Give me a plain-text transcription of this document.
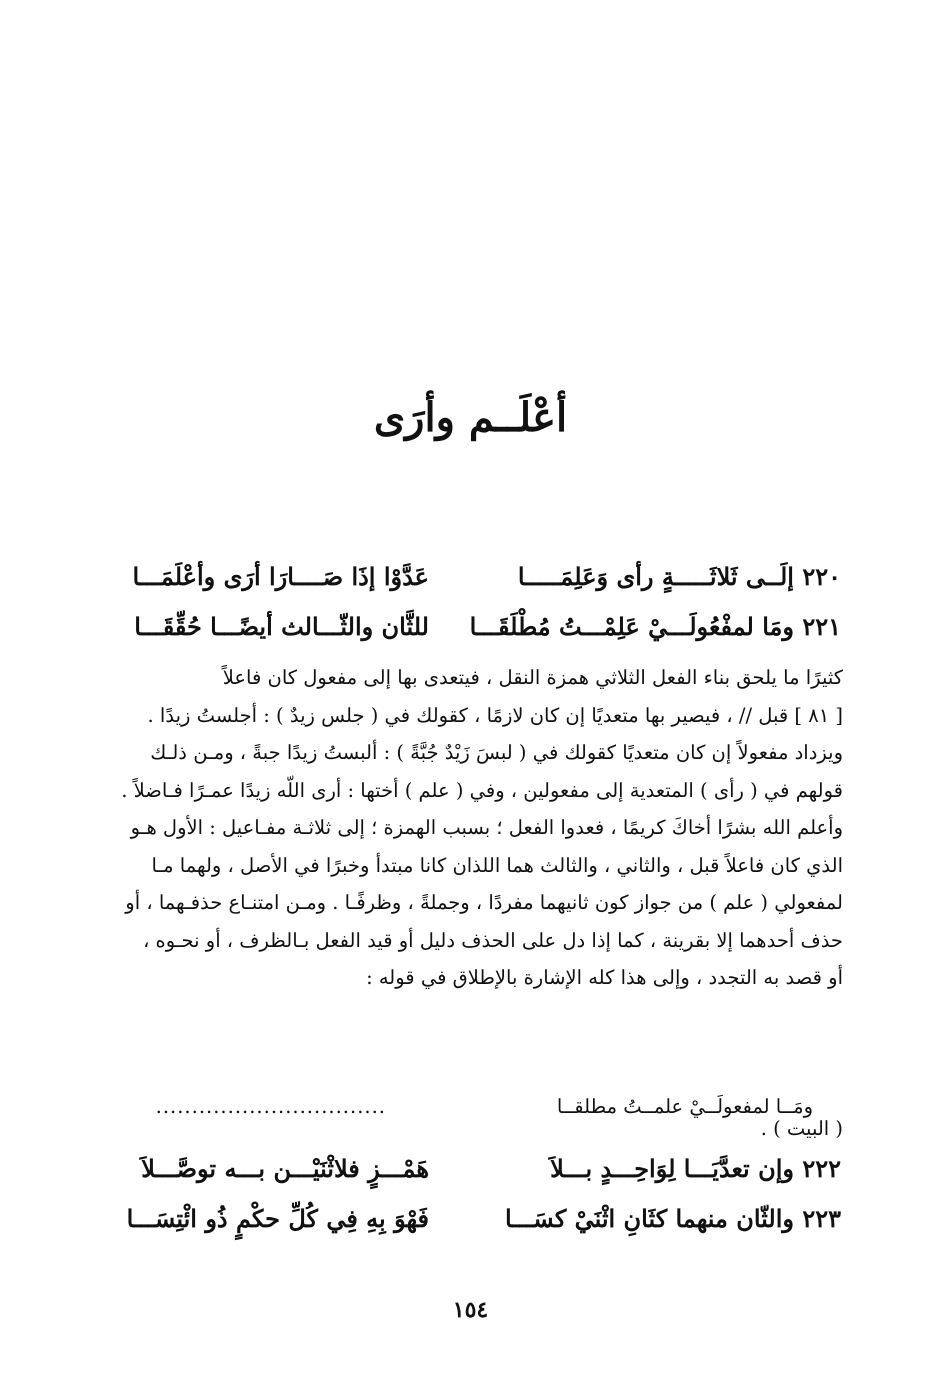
أعْلَــم وأرَى
٢٢٠ إلَــى ثَلاثَـــــةٍ رأى وَعَلِمَـــــا
عَدَّوْا إذَا صَــــارَا أرَى وأعْلَمَـــا
٢٢١ ومَا لمفْعُولَـــيْ عَلِمْـــتُ مُطْلَقَـــا
للثَّان والثّـــالث أيضًـــا حُقِّقَـــا

كثيرًا ما يلحق بناء الفعل الثلاثي همزة النقل ، فيتعدى بها إلى مفعول كان فاعلاً
[ ٨١ ] قبل // ، فيصير بها متعديًا إن كان لازمًا ، كقولك في ( جلس زيدٌ ) : أجلستُ زيدًا .
ويزداد مفعولاً إن كان متعديًا كقولك في ( لبسَ زَيْدٌ جُبَّةً ) : ألبستُ زيدًا جبةً ، ومـن ذلـك
قولهم في ( رأى ) المتعدية إلى مفعولين ، وفي ( علم ) أختها : أرى اللّه زيدًا عمـرًا فـاضلاً .
وأعلم الله بشرًا أخاكَ كريمًا ، فعدوا الفعل ؛ بسبب الهمزة ؛ إلى ثلاثـة مفـاعيل : الأول هـو
الذي كان فاعلاً قبل ، والثاني ، والثالث هما اللذان كانا مبتدأ وخبرًا في الأصل ، ولهما مـا
لمفعولي ( علم ) من جواز كون ثانيهما مفردًا ، وجملةً ، وظرفًـا . ومـن امتنـاع حذفـهما ، أو
حذف أحدهما إلا بقرينة ، كما إذا دل على الحذف دليل أو قيد الفعل بـالظرف ، أو نحـوه ،
أو قصد به التجدد ، وإلى هذا كله الإشارة بالإطلاق في قوله :

ومَــا لمفعولَــيْ علمــتُ مطلقــا
................................
( البيت ) .
٢٢٢ وإن تعدَّيَـــا لِوَاحِـــدٍ بـــلاَ
هَمْـــزٍ فلاثْنَيْـــن بـــه توصَّـــلاَ
٢٢٣ والثّان منهما كثَانِ اثْنَيْ كسَـــا
فَهْوَ بِهِ فِي كُلِّ حكْمٍ ذُو ائْتِسَـــا
١٥٤
